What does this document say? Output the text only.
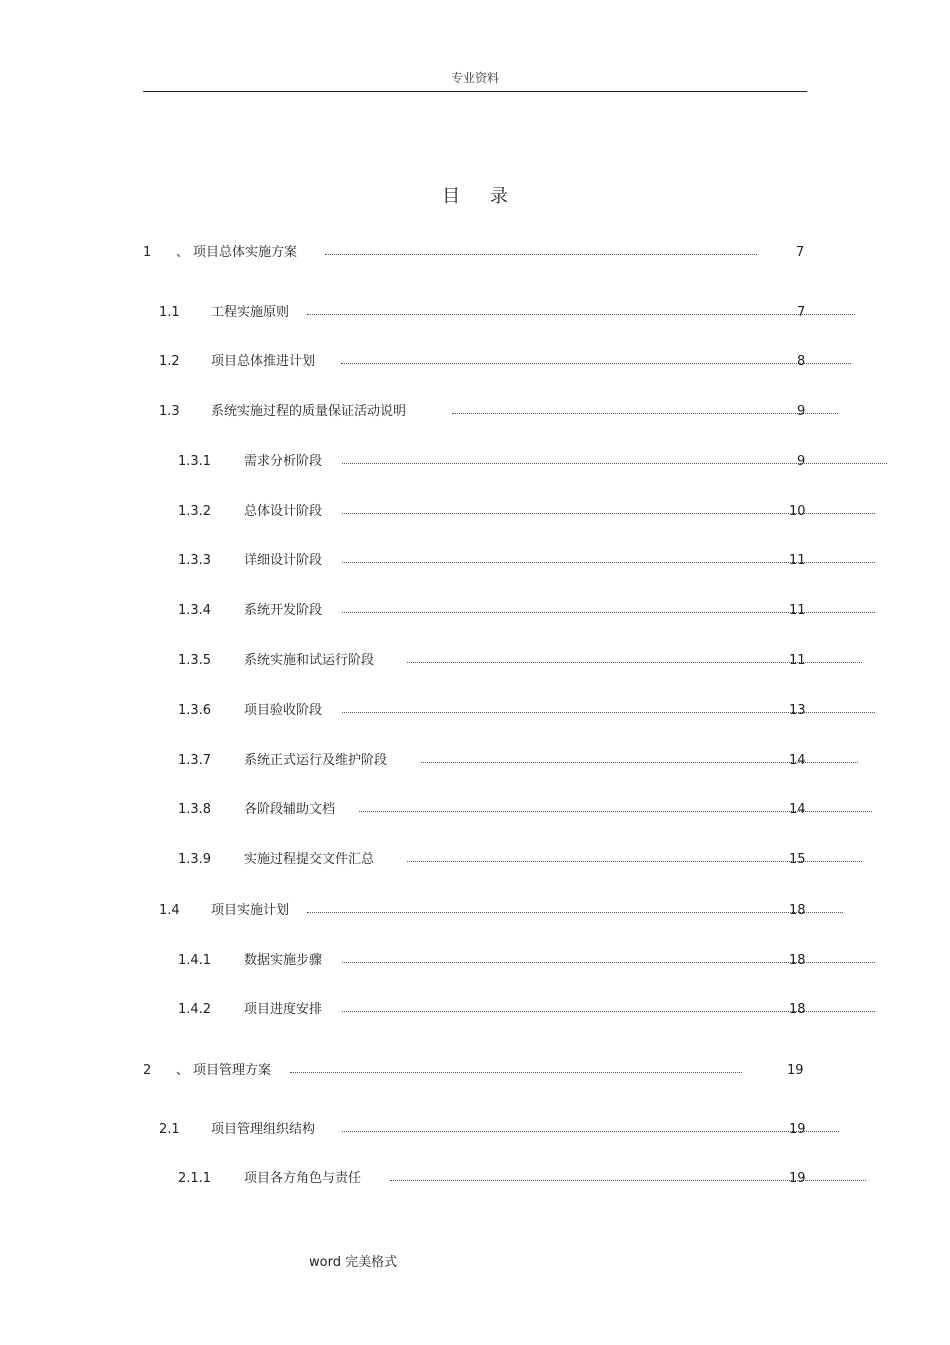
专业资料
目 录
1 、 项目总体实施方案	7
1.1 工程实施原则	7
1.2 项目总体推进计划	8
1.3 系统实施过程的质量保证活动说明	9
1.3.1	需求分析阶段	9
1.3.2	总体设计阶段	10
1.3.3	详细设计阶段	11
1.3.4	系统开发阶段	11
1.3.5	系统实施和试运行阶段	11
1.3.6	项目验收阶段	13
1.3.7	系统正式运行及维护阶段	14
1.3.8	各阶段辅助文档	14
1.3.9	实施过程提交文件汇总	15
1.4 项目实施计划	18
1.4.1	数据实施步骤	18
1.4.2	项目进度安排	18
2 、 项目管理方案	19
2.1 项目管理组织结构	19
2.1.1	项目各方角色与责任	19
word 完美格式
